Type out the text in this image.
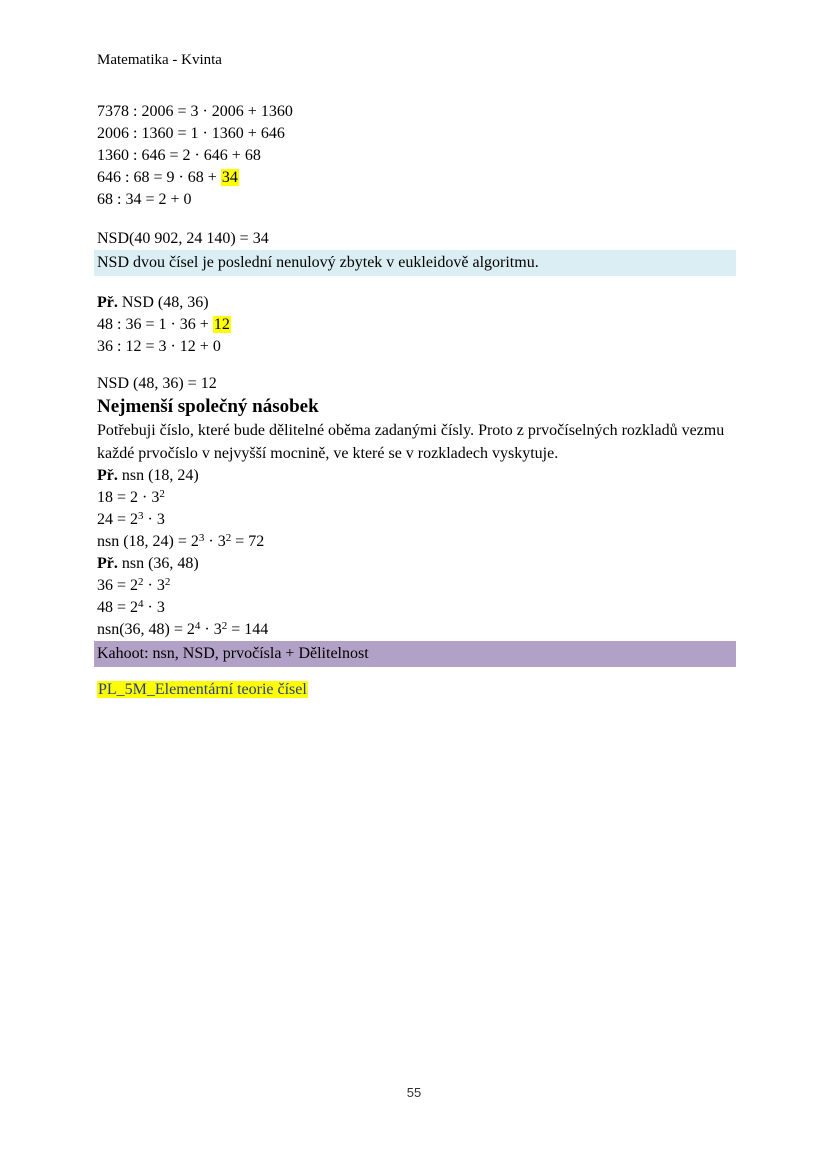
Matematika - Kvinta

7378 : 2006 = 3 · 2006 + 1360

2006 : 1360 = 1 · 1360 + 646

1360 : 646 = 2 · 646 + 68

646 : 68 = 9 · 68 + 34

68 : 34 = 2 + 0

NSD(40 902, 24 140) = 34

NSD dvou čísel je poslední nenulový zbytek v eukleidově algoritmu.

Př. NSD (48, 36)

48 : 36 = 1 · 36 + 12

36 : 12 = 3 · 12 + 0

NSD (48, 36) = 12

Nejmenší společný násobek

Potřebuji číslo, které bude dělitelné oběma zadanými čísly. Proto z prvočíselných rozkladů vezmu každé prvočíslo v nejvyšší mocnině, ve které se v rozkladech vyskytuje.

Př. nsn (18, 24)

$18 = 2 \cdot 3^2$

$24 = 2^3 \cdot 3$

nsn (18, $24) = 2^3 \cdot 3^2 = 72$

Př. nsn (36, 48)

$36 = 2^2 \cdot 3^2$

$48 = 2^4 \cdot 3$

nsn(36, $48) = 2^4 \cdot 3^2 = 144$

Kahoot: nsn, NSD, prvočísla + Dělitelnost

PL_5M_Elementární teorie čísel

55
